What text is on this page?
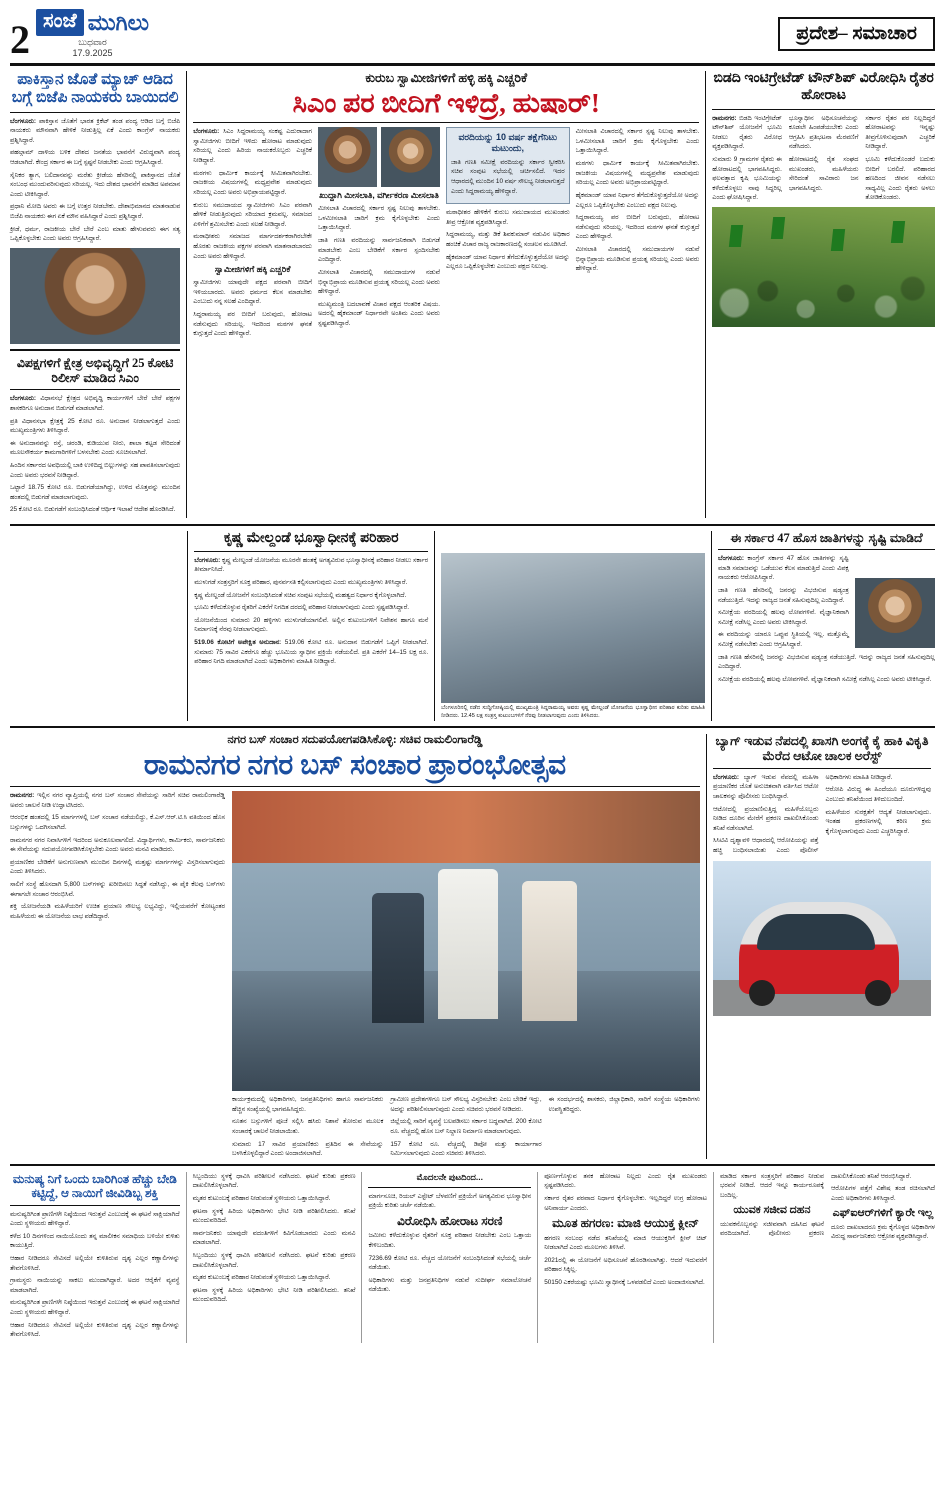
2 ಸಂಜೆ ಮುಗಿಲು
ಬುಧವಾರ
17.9.2025
ಪ್ರದೇಶ– ಸಮಾಚಾರ
ಪಾಕಿಸ್ತಾನ ಜೊತೆ ಮ್ಯಾಚ್ ಆಡಿದ ಬಗ್ಗೆ ಬಿಜೆಪಿ ನಾಯಕರು ಬಾಯಿದಲಿ

ಬೆಂಗಳೂರು: ಪಾಕಿಸ್ತಾನ ಜೊತೆಗೆ ಭಾರತ ಕ್ರಿಕೆಟ್ ತಂಡ ಪಂದ್ಯ ಆಡಿದ ಬಗ್ಗೆ ಬಿಜೆಪಿ ನಾಯಕರು ಮೌನವಾಗಿ ಹೇಳಿಕೆ ನೀಡುತ್ತಿಲ್ಲ ಏಕೆ ಎಂದು ಕಾಂಗ್ರೆಸ್ ನಾಯಕರು ಪ್ರಶ್ನಿಸಿದ್ದಾರೆ.

ಪಹಲ್ಗಾಮ್ ದಾಳಿಯ ಬಳಿಕ ದೇಶದ ಜನತೆಯ ಭಾವನೆಗೆ ವಿರುದ್ಧವಾಗಿ ಪಂದ್ಯ ಆಡಲಾಗಿದೆ. ಕೇಂದ್ರ ಸರ್ಕಾರ ಈ ಬಗ್ಗೆ ಸ್ಪಷ್ಟನೆ ನೀಡಬೇಕು ಎಂದು ಆಗ್ರಹಿಸಿದ್ದಾರೆ.

ಸೈನಿಕರ ತ್ಯಾಗ, ಬಲಿದಾನವನ್ನು ಮರೆತು ಕ್ರೀಡೆಯ ಹೆಸರಿನಲ್ಲಿ ಪಾಕಿಸ್ತಾನದ ಜೊತೆ ಸಂಬಂಧ ಮುಂದುವರಿಸುವುದು ಸರಿಯಲ್ಲ. ಇದು ದೇಶದ ಭಾವನೆಗೆ ಮಾಡಿದ ಅಪಮಾನ ಎಂದು ಟೀಕಿಸಿದ್ದಾರೆ.

ಪ್ರಧಾನಿ ಮೋದಿ ಅವರು ಈ ಬಗ್ಗೆ ಉತ್ತರ ನೀಡಬೇಕು. ದೇಶಾಭಿಮಾನದ ಮಾತನಾಡುವ ಬಿಜೆಪಿ ನಾಯಕರು ಈಗ ಏಕೆ ಮೌನ ವಹಿಸಿದ್ದಾರೆ ಎಂದು ಪ್ರಶ್ನಿಸಿದ್ದಾರೆ.

ಕ್ರೀಡೆ, ಧರ್ಮ, ರಾಜಕೀಯ ಬೇರೆ ಬೇರೆ ಎಂಬ ಮಾತು ಹೇಳುವವರು ಈಗ ಸತ್ಯ ಒಪ್ಪಿಕೊಳ್ಳಬೇಕು ಎಂದು ಅವರು ಆಗ್ರಹಿಸಿದ್ದಾರೆ.

ವಿಪಕ್ಷಗಳಿಗೆ ಕ್ಷೇತ್ರ ಅಭಿವೃದ್ಧಿಗೆ 25 ಕೋಟಿ ರಿಲೀಸ್ ಮಾಡಿದ ಸಿಎಂ

ಬೆಂಗಳೂರು: ವಿಧಾನಸಭೆ ಕ್ಷೇತ್ರದ ಅಭಿವೃದ್ಧಿ ಕಾರ್ಯಗಳಿಗೆ ಬೇರೆ ಬೇರೆ ಪಕ್ಷಗಳ ಶಾಸಕರಿಗೂ ಅನುದಾನ ಬಿಡುಗಡೆ ಮಾಡಲಾಗಿದೆ.

ಪ್ರತಿ ವಿಧಾನಸಭಾ ಕ್ಷೇತ್ರಕ್ಕೆ 25 ಕೋಟಿ ರೂ. ಅನುದಾನ ನೀಡಲಾಗುತ್ತದೆ ಎಂದು ಮುಖ್ಯಮಂತ್ರಿಗಳು ತಿಳಿಸಿದ್ದಾರೆ.

ಈ ಅನುದಾನವನ್ನು ರಸ್ತೆ, ಚರಂಡಿ, ಕುಡಿಯುವ ನೀರು, ಶಾಲಾ ಕಟ್ಟಡ ಸೇರಿದಂತೆ ಮೂಲಸೌಕರ್ಯ ಕಾಮಗಾರಿಗಳಿಗೆ ಬಳಸಬೇಕು ಎಂದು ಸೂಚಿಸಲಾಗಿದೆ.

ಹಿಂದಿನ ಸರ್ಕಾರದ ಅವಧಿಯಲ್ಲಿ ಬಾಕಿ ಉಳಿದಿದ್ದ ಬಿಲ್ಲುಗಳನ್ನು ಸಹ ಪಾವತಿಸಲಾಗುವುದು ಎಂದು ಅವರು ಭರವಸೆ ನೀಡಿದ್ದಾರೆ.

ಒಟ್ಟಾರೆ 18.75 ಕೋಟಿ ರೂ. ಬಿಡುಗಡೆಯಾಗಿದ್ದು, ಉಳಿದ ಮೊತ್ತವನ್ನು ಮುಂದಿನ ಹಂತದಲ್ಲಿ ಬಿಡುಗಡೆ ಮಾಡಲಾಗುವುದು.

25 ಕೋಟಿ ರೂ. ಬಿಡುಗಡೆಗೆ ಸಂಬಂಧಿಸಿದಂತೆ ಆರ್ಥಿಕ ಇಲಾಖೆ ಆದೇಶ ಹೊರಡಿಸಿದೆ.

ಕುರುಬ ಸ್ವಾಮೀಜಿಗಳಿಗೆ ಹಳ್ಳಿ ಹಕ್ಕಿ ಎಚ್ಚರಿಕೆ
ಸಿಎಂ ಪರ ಬೀದಿಗೆ ಇಳಿದ್ರೆ, ಹುಷಾರ್!

ಬೆಂಗಳೂರು: ಸಿಎಂ ಸಿದ್ದರಾಮಯ್ಯ ಸಂಕಷ್ಟ ಎದುರಾದಾಗ ಸ್ವಾಮೀಜಿಗಳು ಬೀದಿಗೆ ಇಳಿದು ಹೋರಾಟ ಮಾಡುವುದು ಸರಿಯಲ್ಲ ಎಂದು ಹಿರಿಯ ನಾಯಕರೊಬ್ಬರು ಎಚ್ಚರಿಕೆ ನೀಡಿದ್ದಾರೆ.

ಮಠಗಳು ಧಾರ್ಮಿಕ ಕಾರ್ಯಕ್ಕೆ ಸೀಮಿತವಾಗಿರಬೇಕು. ರಾಜಕೀಯ ವಿಷಯಗಳಲ್ಲಿ ಮಧ್ಯಪ್ರವೇಶ ಮಾಡುವುದು ಸರಿಯಲ್ಲ ಎಂದು ಅವರು ಅಭಿಪ್ರಾಯಪಟ್ಟಿದ್ದಾರೆ.

ಕುರುಬ ಸಮುದಾಯದ ಸ್ವಾಮೀಜಿಗಳು ಸಿಎಂ ಪರವಾಗಿ ಹೇಳಿಕೆ ನೀಡುತ್ತಿರುವುದು ಸರಿಯಾದ ಕ್ರಮವಲ್ಲ. ಸಮಾಜದ ಏಳಿಗೆಗೆ ಶ್ರಮಿಸಬೇಕು ಎಂದು ಸಲಹೆ ನೀಡಿದ್ದಾರೆ.

ಮಠಾಧೀಶರು ಸಮಾಜದ ಮಾರ್ಗದರ್ಶಕರಾಗಿರಬೇಕೇ ಹೊರತು ರಾಜಕೀಯ ಪಕ್ಷಗಳ ಪರವಾಗಿ ಮಾತನಾಡಬಾರದು ಎಂದು ಅವರು ಹೇಳಿದ್ದಾರೆ.

ಸ್ವಾಮೀಜಿಗಳಿಗೆ ಹಕ್ಕಿ ಎಚ್ಚರಿಕೆ

ಸ್ವಾಮೀಜಿಗಳು ಯಾವುದೇ ಪಕ್ಷದ ಪರವಾಗಿ ಬೀದಿಗೆ ಇಳಿಯಬಾರದು. ಅವರು ಧರ್ಮದ ಕೆಲಸ ಮಾಡಬೇಕು ಎಂಬುದು ನನ್ನ ಸಲಹೆ ಎಂದಿದ್ದಾರೆ.

ಸಿದ್ದರಾಮಯ್ಯ ಪರ ಬೀದಿಗೆ ಬರುವುದು, ಹೋರಾಟ ನಡೆಸುವುದು ಸರಿಯಲ್ಲ. ಇದರಿಂದ ಮಠಗಳ ಘನತೆ ಕುಗ್ಗುತ್ತದೆ ಎಂದು ಹೇಳಿದ್ದಾರೆ.

ಖುದ್ದಾಗಿ ಮೀಸಲಾತಿ, ವರ್ಗೀಕರಣ ಮೀಸಲಾತಿ

ಮೀಸಲಾತಿ ವಿಚಾರದಲ್ಲಿ ಸರ್ಕಾರ ಸ್ಪಷ್ಟ ನಿಲುವು ತಾಳಬೇಕು. ಒಳಮೀಸಲಾತಿ ಜಾರಿಗೆ ಕ್ರಮ ಕೈಗೊಳ್ಳಬೇಕು ಎಂದು ಒತ್ತಾಯಿಸಿದ್ದಾರೆ.

ಜಾತಿ ಗಣತಿ ವರದಿಯನ್ನು ಸಾರ್ವಜನಿಕವಾಗಿ ಬಿಡುಗಡೆ ಮಾಡಬೇಕು ಎಂಬ ಬೇಡಿಕೆಗೆ ಸರ್ಕಾರ ಸ್ಪಂದಿಸಬೇಕು ಎಂದಿದ್ದಾರೆ.

ಮೀಸಲಾತಿ ವಿಚಾರದಲ್ಲಿ ಸಮುದಾಯಗಳ ನಡುವೆ ಭಿನ್ನಾಭಿಪ್ರಾಯ ಮೂಡಿಸುವ ಪ್ರಯತ್ನ ಸರಿಯಲ್ಲ ಎಂದು ಅವರು ಹೇಳಿದ್ದಾರೆ.

ಮುಖ್ಯಮಂತ್ರಿ ಬದಲಾವಣೆ ವಿಚಾರ ಪಕ್ಷದ ಆಂತರಿಕ ವಿಷಯ. ಅದರಲ್ಲಿ ಹೈಕಮಾಂಡ್ ನಿರ್ಧಾರವೇ ಅಂತಿಮ ಎಂದು ಅವರು ಸ್ಪಷ್ಟಪಡಿಸಿದ್ದಾರೆ.

ವರದಿಯನ್ನು 10 ವರ್ಷ ತಕ್ಷೆಗೆನಿಟು ಮಟುಂದು,

ಜಾತಿ ಗಣತಿ ಸಮೀಕ್ಷೆ ವರದಿಯನ್ನು ಸರ್ಕಾರ ಸ್ವೀಕರಿಸಿ ಸಚಿವ ಸಂಪುಟ ಸಭೆಯಲ್ಲಿ ಚರ್ಚಿಸಲಿದೆ. ಇದರ ಆಧಾರದಲ್ಲಿ ಮುಂದಿನ 10 ವರ್ಷ ಸೌಲಭ್ಯ ನೀಡಲಾಗುತ್ತದೆ ಎಂದು ಸಿದ್ದರಾಮಯ್ಯ ಹೇಳಿದ್ದಾರೆ.

ಮಠಾಧೀಶರ ಹೇಳಿಕೆಗೆ ಕುರುಬ ಸಮುದಾಯದ ಮುಖಂಡರು ತೀವ್ರ ಆಕ್ರೋಶ ವ್ಯಕ್ತಪಡಿಸಿದ್ದಾರೆ.

ಸಿದ್ದರಾಮಯ್ಯ, ಮತ್ತು ಡಿಕೆ ಶಿವಕುಮಾರ್ ನಡುವಿನ ಅಧಿಕಾರ ಹಂಚಿಕೆ ವಿಚಾರ ರಾಜ್ಯ ರಾಜಕಾರಣದಲ್ಲಿ ಸಂಚಲನ ಮೂಡಿಸಿದೆ.

ಹೈಕಮಾಂಡ್ ಯಾವ ನಿರ್ಧಾರ ತೆಗೆದುಕೊಳ್ಳುತ್ತದೆಯೋ ಅದನ್ನು ಎಲ್ಲರೂ ಒಪ್ಪಿಕೊಳ್ಳಬೇಕು ಎಂಬುದು ಪಕ್ಷದ ನಿಲುವು.

ಮೀಸಲಾತಿ ವಿಚಾರದಲ್ಲಿ ಸರ್ಕಾರ ಸ್ಪಷ್ಟ ನಿಲುವು ತಾಳಬೇಕು. ಒಳಮೀಸಲಾತಿ ಜಾರಿಗೆ ಕ್ರಮ ಕೈಗೊಳ್ಳಬೇಕು ಎಂದು ಒತ್ತಾಯಿಸಿದ್ದಾರೆ.

ಮಠಗಳು ಧಾರ್ಮಿಕ ಕಾರ್ಯಕ್ಕೆ ಸೀಮಿತವಾಗಿರಬೇಕು. ರಾಜಕೀಯ ವಿಷಯಗಳಲ್ಲಿ ಮಧ್ಯಪ್ರವೇಶ ಮಾಡುವುದು ಸರಿಯಲ್ಲ ಎಂದು ಅವರು ಅಭಿಪ್ರಾಯಪಟ್ಟಿದ್ದಾರೆ.

ಹೈಕಮಾಂಡ್ ಯಾವ ನಿರ್ಧಾರ ತೆಗೆದುಕೊಳ್ಳುತ್ತದೆಯೋ ಅದನ್ನು ಎಲ್ಲರೂ ಒಪ್ಪಿಕೊಳ್ಳಬೇಕು ಎಂಬುದು ಪಕ್ಷದ ನಿಲುವು.

ಸಿದ್ದರಾಮಯ್ಯ ಪರ ಬೀದಿಗೆ ಬರುವುದು, ಹೋರಾಟ ನಡೆಸುವುದು ಸರಿಯಲ್ಲ. ಇದರಿಂದ ಮಠಗಳ ಘನತೆ ಕುಗ್ಗುತ್ತದೆ ಎಂದು ಹೇಳಿದ್ದಾರೆ.

ಮೀಸಲಾತಿ ವಿಚಾರದಲ್ಲಿ ಸಮುದಾಯಗಳ ನಡುವೆ ಭಿನ್ನಾಭಿಪ್ರಾಯ ಮೂಡಿಸುವ ಪ್ರಯತ್ನ ಸರಿಯಲ್ಲ ಎಂದು ಅವರು ಹೇಳಿದ್ದಾರೆ.

ಬಿಡದಿ ಇಂಟಿಗ್ರೇಟೆಡ್ ಟೌನ್‌ಶಿಪ್ ವಿರೋಧಿಸಿ ರೈತರ ಹೋರಾಟ

ರಾಮನಗರ: ಬಿಡದಿ ಇಂಟಿಗ್ರೇಟೆಡ್ ಟೌನ್‌ಶಿಪ್ ಯೋಜನೆಗೆ ಭೂಮಿ ನೀಡಲು ರೈತರು ವಿರೋಧ ವ್ಯಕ್ತಪಡಿಸಿದ್ದಾರೆ.

ಸುಮಾರು 9 ಗ್ರಾಮಗಳ ರೈತರು ಈ ಹೋರಾಟದಲ್ಲಿ ಭಾಗವಹಿಸಿದ್ದರು. ಫಲವತ್ತಾದ ಕೃಷಿ ಭೂಮಿಯನ್ನು ಕಳೆದುಕೊಳ್ಳಲು ನಾವು ಸಿದ್ಧರಿಲ್ಲ ಎಂದು ಘೋಷಿಸಿದ್ದಾರೆ.

ಭೂಸ್ವಾಧೀನ ಅಧಿಸೂಚನೆಯನ್ನು ಕೂಡಲೇ ಹಿಂಪಡೆಯಬೇಕು ಎಂದು ಆಗ್ರಹಿಸಿ ಪ್ರತಿಭಟನಾ ಮೆರವಣಿಗೆ ನಡೆಸಿದರು.

ಹೋರಾಟದಲ್ಲಿ ರೈತ ಸಂಘದ ಮುಖಂಡರು, ಮಹಿಳೆಯರು ಸೇರಿದಂತೆ ಸಾವಿರಾರು ಜನ ಭಾಗವಹಿಸಿದ್ದರು.

ಸರ್ಕಾರ ರೈತರ ಪರ ನಿಲ್ಲದಿದ್ದರೆ ಹೋರಾಟವನ್ನು ಇನ್ನಷ್ಟು ತೀವ್ರಗೊಳಿಸುವುದಾಗಿ ಎಚ್ಚರಿಕೆ ನೀಡಿದ್ದಾರೆ.

ಭೂಮಿ ಕಳೆದುಕೊಂಡರೆ ಬದುಕು ಬೀದಿಗೆ ಬರಲಿದೆ. ಪರಿಹಾರದ ಹಣದಿಂದ ಜೀವನ ನಡೆಸಲು ಸಾಧ್ಯವಿಲ್ಲ ಎಂದು ರೈತರು ಅಳಲು ತೋಡಿಕೊಂಡರು.

ಕೃಷ್ಣ ಮೇಲ್ದಂಡೆ ಭೂಸ್ವಾಧೀನಕ್ಕೆ ಪರಿಹಾರ

ಬೆಂಗಳೂರು: ಕೃಷ್ಣ ಮೇಲ್ದಂಡೆ ಯೋಜನೆಯ ಮೂರನೇ ಹಂತಕ್ಕೆ ಅಗತ್ಯವಿರುವ ಭೂಸ್ವಾಧೀನಕ್ಕೆ ಪರಿಹಾರ ನೀಡಲು ಸರ್ಕಾರ ತೀರ್ಮಾನಿಸಿದೆ.

ಮುಳುಗಡೆ ಸಂತ್ರಸ್ತರಿಗೆ ಸೂಕ್ತ ಪರಿಹಾರ, ಪುನರ್ವಸತಿ ಕಲ್ಪಿಸಲಾಗುವುದು ಎಂದು ಮುಖ್ಯಮಂತ್ರಿಗಳು ತಿಳಿಸಿದ್ದಾರೆ.

ಕೃಷ್ಣ ಮೇಲ್ದಂಡೆ ಯೋಜನೆಗೆ ಸಂಬಂಧಿಸಿದಂತೆ ಸಚಿವ ಸಂಪುಟ ಸಭೆಯಲ್ಲಿ ಮಹತ್ವದ ನಿರ್ಧಾರ ಕೈಗೊಳ್ಳಲಾಗಿದೆ.

ಭೂಮಿ ಕಳೆದುಕೊಳ್ಳುವ ರೈತರಿಗೆ ಎಕರೆಗೆ ನಿಗದಿತ ದರದಲ್ಲಿ ಪರಿಹಾರ ನೀಡಲಾಗುವುದು ಎಂದು ಸ್ಪಷ್ಟಪಡಿಸಿದ್ದಾರೆ.

ಯೋಜನೆಯಿಂದ ಸುಮಾರು 20 ಹಳ್ಳಿಗಳು ಮುಳುಗಡೆಯಾಗಲಿವೆ. ಅಲ್ಲಿನ ಕುಟುಂಬಗಳಿಗೆ ನಿವೇಶನ ಹಾಗೂ ಮನೆ ನಿರ್ಮಾಣಕ್ಕೆ ನೆರವು ನೀಡಲಾಗುವುದು.

519.06 ಕೋಟಿಗೆ ಅಪೇಕ್ಷಿತ ಅನುದಾನ: 519.06 ಕೋಟಿ ರೂ. ಅನುದಾನ ಬಿಡುಗಡೆಗೆ ಒಪ್ಪಿಗೆ ನೀಡಲಾಗಿದೆ. ಸುಮಾರು 75 ಸಾವಿರ ಎಕರೆಗೂ ಹೆಚ್ಚು ಭೂಮಿಯ ಸ್ವಾಧೀನ ಪ್ರಕ್ರಿಯೆ ನಡೆಯಲಿದೆ. ಪ್ರತಿ ಎಕರೆಗೆ 14–15 ಲಕ್ಷ ರೂ. ಪರಿಹಾರ ನಿಗದಿ ಮಾಡಲಾಗಿದೆ ಎಂದು ಅಧಿಕಾರಿಗಳು ಮಾಹಿತಿ ನೀಡಿದ್ದಾರೆ.

ಬೆಂಗಳೂರಿನಲ್ಲಿ ನಡೆದ ಸುದ್ದಿಗೋಷ್ಠಿಯಲ್ಲಿ ಮುಖ್ಯಮಂತ್ರಿ ಸಿದ್ದರಾಮಯ್ಯ ಅವರು ಕೃಷ್ಣ ಮೇಲ್ದಂಡೆ ಯೋಜನೆಯ ಭೂಸ್ವಾಧೀನ ಪರಿಹಾರ ಕುರಿತು ಮಾಹಿತಿ ನೀಡಿದರು. 12.45 ಲಕ್ಷ ಸಂತ್ರಸ್ತ ಕುಟುಂಬಗಳಿಗೆ ನೆರವು ನೀಡಲಾಗುವುದು ಎಂದು ತಿಳಿಸಿದರು.
ಈ ಸರ್ಕಾರ 47 ಹೊಸ ಜಾತಿಗಳನ್ನು ಸೃಷ್ಟಿ ಮಾಡಿದೆ

ಬೆಂಗಳೂರು: ಕಾಂಗ್ರೆಸ್ ಸರ್ಕಾರ 47 ಹೊಸ ಜಾತಿಗಳನ್ನು ಸೃಷ್ಟಿ ಮಾಡಿ ಸಮಾಜವನ್ನು ಒಡೆಯುವ ಕೆಲಸ ಮಾಡುತ್ತಿದೆ ಎಂದು ವಿಪಕ್ಷ ನಾಯಕರು ಆರೋಪಿಸಿದ್ದಾರೆ.

ಜಾತಿ ಗಣತಿ ಹೆಸರಿನಲ್ಲಿ ಜನರನ್ನು ವಿಭಜಿಸುವ ಷಡ್ಯಂತ್ರ ನಡೆಯುತ್ತಿದೆ. ಇದನ್ನು ರಾಜ್ಯದ ಜನತೆ ಸಹಿಸುವುದಿಲ್ಲ ಎಂದಿದ್ದಾರೆ.

ಸಮೀಕ್ಷೆಯ ವರದಿಯಲ್ಲಿ ಹಲವು ಲೋಪಗಳಿವೆ. ವೈಜ್ಞಾನಿಕವಾಗಿ ಸಮೀಕ್ಷೆ ನಡೆಸಿಲ್ಲ ಎಂದು ಅವರು ಟೀಕಿಸಿದ್ದಾರೆ.

ಈ ವರದಿಯನ್ನು ಯಾರೂ ಒಪ್ಪುವ ಸ್ಥಿತಿಯಲ್ಲಿ ಇಲ್ಲ. ಮತ್ತೊಮ್ಮೆ ಸಮೀಕ್ಷೆ ನಡೆಸಬೇಕು ಎಂದು ಆಗ್ರಹಿಸಿದ್ದಾರೆ.

ಜಾತಿ ಗಣತಿ ಹೆಸರಿನಲ್ಲಿ ಜನರನ್ನು ವಿಭಜಿಸುವ ಷಡ್ಯಂತ್ರ ನಡೆಯುತ್ತಿದೆ. ಇದನ್ನು ರಾಜ್ಯದ ಜನತೆ ಸಹಿಸುವುದಿಲ್ಲ ಎಂದಿದ್ದಾರೆ.

ಸಮೀಕ್ಷೆಯ ವರದಿಯಲ್ಲಿ ಹಲವು ಲೋಪಗಳಿವೆ. ವೈಜ್ಞಾನಿಕವಾಗಿ ಸಮೀಕ್ಷೆ ನಡೆಸಿಲ್ಲ ಎಂದು ಅವರು ಟೀಕಿಸಿದ್ದಾರೆ.

ನಗರ ಬಸ್ ಸಂಚಾರ ಸದುಪಯೋಗಪಡಿಸಿಕೊಳ್ಳಿ: ಸಚಿವ ರಾಮಲಿಂಗಾರೆಡ್ಡಿ
ರಾಮನಗರ ನಗರ ಬಸ್ ಸಂಚಾರ ಪ್ರಾರಂಭೋತ್ಸವ

ರಾಮನಗರ: ಇಲ್ಲಿನ ನಗರ ವ್ಯಾಪ್ತಿಯಲ್ಲಿ ನಗರ ಬಸ್ ಸಂಚಾರ ಸೇವೆಯನ್ನು ಸಾರಿಗೆ ಸಚಿವ ರಾಮಲಿಂಗಾರೆಡ್ಡಿ ಅವರು ಚಾಲನೆ ನೀಡಿ ಉದ್ಘಾಟಿಸಿದರು.

ಆರಂಭಿಕ ಹಂತದಲ್ಲಿ 15 ಮಾರ್ಗಗಳಲ್ಲಿ ಬಸ್ ಸಂಚಾರ ನಡೆಯಲಿದ್ದು, ಕೆ.ಎಸ್.ಆರ್.ಟಿ.ಸಿ ವತಿಯಿಂದ ಹೊಸ ಬಸ್ಸುಗಳನ್ನು ಒದಗಿಸಲಾಗಿದೆ.

ರಾಮನಗರ ನಗರ ನಿವಾಸಿಗಳಿಗೆ ಇದರಿಂದ ಅನುಕೂಲವಾಗಲಿದೆ. ವಿದ್ಯಾರ್ಥಿಗಳು, ಕಾರ್ಮಿಕರು, ಸಾರ್ವಜನಿಕರು ಈ ಸೇವೆಯನ್ನು ಸದುಪಯೋಗಪಡಿಸಿಕೊಳ್ಳಬೇಕು ಎಂದು ಅವರು ಮನವಿ ಮಾಡಿದರು.

ಪ್ರಯಾಣಿಕರ ಬೇಡಿಕೆಗೆ ಅನುಗುಣವಾಗಿ ಮುಂದಿನ ದಿನಗಳಲ್ಲಿ ಮತ್ತಷ್ಟು ಮಾರ್ಗಗಳನ್ನು ವಿಸ್ತರಿಸಲಾಗುವುದು ಎಂದು ತಿಳಿಸಿದರು.

ಸಾಲಿಗೆ ಸಂಸ್ಥೆ ಹೊಸದಾಗಿ 5,800 ಬಸ್‌ಗಳನ್ನು ಖರೀದಿಸಲು ಸಿದ್ಧತೆ ನಡೆಸಿದ್ದು, ಈ ಪೈಕಿ ಕೆಲವು ಬಸ್‌ಗಳು ಈಗಾಗಲೇ ಸಂಚಾರ ಆರಂಭಿಸಿವೆ.

ಶಕ್ತಿ ಯೋಜನೆಯಡಿ ಮಹಿಳೆಯರಿಗೆ ಉಚಿತ ಪ್ರಯಾಣ ಸೌಲಭ್ಯ ಲಭ್ಯವಿದ್ದು, ಇಲ್ಲಿಯವರೆಗೆ ಕೋಟ್ಯಂತರ ಮಹಿಳೆಯರು ಈ ಯೋಜನೆಯ ಲಾಭ ಪಡೆದಿದ್ದಾರೆ.

ಕಾರ್ಯಕ್ರಮದಲ್ಲಿ ಅಧಿಕಾರಿಗಳು, ಜನಪ್ರತಿನಿಧಿಗಳು ಹಾಗೂ ಸಾರ್ವಜನಿಕರು ಹೆಚ್ಚಿನ ಸಂಖ್ಯೆಯಲ್ಲಿ ಭಾಗವಹಿಸಿದ್ದರು.

ನೂತನ ಬಸ್ಸುಗಳಿಗೆ ಪೂಜೆ ಸಲ್ಲಿಸಿ ಹಸಿರು ನಿಶಾನೆ ತೋರುವ ಮೂಲಕ ಸಂಚಾರಕ್ಕೆ ಚಾಲನೆ ನೀಡಲಾಯಿತು.

ಸುಮಾರು 17 ಸಾವಿರ ಪ್ರಯಾಣಿಕರು ಪ್ರತಿದಿನ ಈ ಸೇವೆಯನ್ನು ಬಳಸಿಕೊಳ್ಳಲಿದ್ದಾರೆ ಎಂದು ಅಂದಾಜಿಸಲಾಗಿದೆ.

ಗ್ರಾಮೀಣ ಪ್ರದೇಶಗಳಿಗೂ ಬಸ್ ಸೌಲಭ್ಯ ವಿಸ್ತರಿಸಬೇಕು ಎಂಬ ಬೇಡಿಕೆ ಇದ್ದು, ಅದನ್ನು ಪರಿಶೀಲಿಸಲಾಗುವುದು ಎಂದು ಸಚಿವರು ಭರವಸೆ ನೀಡಿದರು.

ಜಿಲ್ಲೆಯಲ್ಲಿ ಸಾರಿಗೆ ವ್ಯವಸ್ಥೆ ಬಲಪಡಿಸಲು ಸರ್ಕಾರ ಬದ್ಧವಾಗಿದೆ. 200 ಕೋಟಿ ರೂ. ವೆಚ್ಚದಲ್ಲಿ ಹೊಸ ಬಸ್ ನಿಲ್ದಾಣ ನಿರ್ಮಾಣ ಮಾಡಲಾಗುವುದು.

157 ಕೋಟಿ ರೂ. ವೆಚ್ಚದಲ್ಲಿ ಡಿಪೋ ಮತ್ತು ಕಾರ್ಯಾಗಾರ ನಿರ್ಮಿಸಲಾಗುವುದು ಎಂದು ಸಚಿವರು ತಿಳಿಸಿದರು.

ಈ ಸಂದರ್ಭದಲ್ಲಿ ಶಾಸಕರು, ಜಿಲ್ಲಾಧಿಕಾರಿ, ಸಾರಿಗೆ ಸಂಸ್ಥೆಯ ಅಧಿಕಾರಿಗಳು ಉಪಸ್ಥಿತರಿದ್ದರು.

ಬ್ಯಾಗ್ ಇಡುವ ನೆಪದಲ್ಲಿ ಖಾಸಗಿ ಅಂಗಕ್ಕೆ ಕೈ ಹಾಕಿ ವಿಕೃತಿ ಮೆರೆದ ಆಟೋ ಚಾಲಕ ಅರೆಸ್ಟ್

ಬೆಂಗಳೂರು: ಬ್ಯಾಗ್ ಇಡುವ ನೆಪದಲ್ಲಿ ಮಹಿಳಾ ಪ್ರಯಾಣಿಕರ ಜೊತೆ ಅನುಚಿತವಾಗಿ ವರ್ತಿಸಿದ ಆಟೋ ಚಾಲಕನನ್ನು ಪೊಲೀಸರು ಬಂಧಿಸಿದ್ದಾರೆ.

ಆಟೋದಲ್ಲಿ ಪ್ರಯಾಣಿಸುತ್ತಿದ್ದ ಮಹಿಳೆಯೊಬ್ಬರು ನೀಡಿದ ದೂರಿನ ಮೇರೆಗೆ ಪ್ರಕರಣ ದಾಖಲಿಸಿಕೊಂಡು ತನಿಖೆ ನಡೆಸಲಾಗಿದೆ.

ಸಿಸಿಟಿವಿ ದೃಶ್ಯಾವಳಿ ಆಧಾರದಲ್ಲಿ ಆರೋಪಿಯನ್ನು ಪತ್ತೆ ಹಚ್ಚಿ ಬಂಧಿಸಲಾಯಿತು ಎಂದು ಪೊಲೀಸ್ ಅಧಿಕಾರಿಗಳು ಮಾಹಿತಿ ನೀಡಿದ್ದಾರೆ.

ಆರೋಪಿ ವಿರುದ್ಧ ಈ ಹಿಂದೆಯೂ ದೂರುಗಳಿದ್ದವು ಎಂಬುದು ತನಿಖೆಯಿಂದ ತಿಳಿದುಬಂದಿದೆ.

ಮಹಿಳೆಯರ ಸುರಕ್ಷತೆಗೆ ಆದ್ಯತೆ ನೀಡಲಾಗುವುದು. ಇಂತಹ ಪ್ರಕರಣಗಳಲ್ಲಿ ಕಠಿಣ ಕ್ರಮ ಕೈಗೊಳ್ಳಲಾಗುವುದು ಎಂದು ಎಚ್ಚರಿಸಿದ್ದಾರೆ.

ಮನುಷ್ಯ ನಿಗೆ ಒಂದು ಬಾರಿಗಿಂತ ಹೆಚ್ಚು ಬೇಡಿ ಕಟ್ಟಿದ್ದೆ, ಆ ನಾಯಿಗೆ ಜೀವಿಡಿಬ್ಬ ಶಕ್ತಿ

ಮನುಷ್ಯರಿಗಿಂತ ಪ್ರಾಣಿಗಳೇ ನಿಷ್ಠೆಯಿಂದ ಇರುತ್ತವೆ ಎಂಬುದಕ್ಕೆ ಈ ಘಟನೆ ಸಾಕ್ಷಿಯಾಗಿದೆ ಎಂದು ಸ್ಥಳೀಯರು ಹೇಳಿದ್ದಾರೆ.

ಕಳೆದ 10 ದಿನಗಳಿಂದ ನಾಯಿಯೊಂದು ತನ್ನ ಮಾಲೀಕನ ಸಮಾಧಿಯ ಬಳಿಯೇ ಕುಳಿತು ಕಾಯುತ್ತಿದೆ.

ಆಹಾರ ನೀಡಿದರೂ ಸೇವಿಸದೆ ಅಲ್ಲಿಯೇ ಕುಳಿತಿರುವ ದೃಶ್ಯ ಎಲ್ಲರ ಕಣ್ಣಾಲಿಗಳನ್ನು ತೇವಗೊಳಿಸಿದೆ.

ಗ್ರಾಮಸ್ಥರು ನಾಯಿಯನ್ನು ಸಾಕಲು ಮುಂದಾಗಿದ್ದಾರೆ. ಅದರ ಆರೈಕೆಗೆ ವ್ಯವಸ್ಥೆ ಮಾಡಲಾಗಿದೆ.

ಮನುಷ್ಯರಿಗಿಂತ ಪ್ರಾಣಿಗಳೇ ನಿಷ್ಠೆಯಿಂದ ಇರುತ್ತವೆ ಎಂಬುದಕ್ಕೆ ಈ ಘಟನೆ ಸಾಕ್ಷಿಯಾಗಿದೆ ಎಂದು ಸ್ಥಳೀಯರು ಹೇಳಿದ್ದಾರೆ.

ಆಹಾರ ನೀಡಿದರೂ ಸೇವಿಸದೆ ಅಲ್ಲಿಯೇ ಕುಳಿತಿರುವ ದೃಶ್ಯ ಎಲ್ಲರ ಕಣ್ಣಾಲಿಗಳನ್ನು ತೇವಗೊಳಿಸಿದೆ.

ಸಿಬ್ಬಂದಿಯು ಸ್ಥಳಕ್ಕೆ ಧಾವಿಸಿ ಪರಿಶೀಲನೆ ನಡೆಸಿದರು. ಘಟನೆ ಕುರಿತು ಪ್ರಕರಣ ದಾಖಲಿಸಿಕೊಳ್ಳಲಾಗಿದೆ.

ಮೃತರ ಕುಟುಂಬಕ್ಕೆ ಪರಿಹಾರ ನೀಡುವಂತೆ ಸ್ಥಳೀಯರು ಒತ್ತಾಯಿಸಿದ್ದಾರೆ.

ಘಟನಾ ಸ್ಥಳಕ್ಕೆ ಹಿರಿಯ ಅಧಿಕಾರಿಗಳು ಭೇಟಿ ನೀಡಿ ಪರಿಶೀಲಿಸಿದರು. ತನಿಖೆ ಮುಂದುವರಿದಿದೆ.

ಸಾರ್ವಜನಿಕರು ಯಾವುದೇ ವದಂತಿಗಳಿಗೆ ಕಿವಿಗೊಡಬಾರದು ಎಂದು ಮನವಿ ಮಾಡಲಾಗಿದೆ.

ಸಿಬ್ಬಂದಿಯು ಸ್ಥಳಕ್ಕೆ ಧಾವಿಸಿ ಪರಿಶೀಲನೆ ನಡೆಸಿದರು. ಘಟನೆ ಕುರಿತು ಪ್ರಕರಣ ದಾಖಲಿಸಿಕೊಳ್ಳಲಾಗಿದೆ.

ಮೃತರ ಕುಟುಂಬಕ್ಕೆ ಪರಿಹಾರ ನೀಡುವಂತೆ ಸ್ಥಳೀಯರು ಒತ್ತಾಯಿಸಿದ್ದಾರೆ.

ಘಟನಾ ಸ್ಥಳಕ್ಕೆ ಹಿರಿಯ ಅಧಿಕಾರಿಗಳು ಭೇಟಿ ನೀಡಿ ಪರಿಶೀಲಿಸಿದರು. ತನಿಖೆ ಮುಂದುವರಿದಿದೆ.

ಮೊದಲನೇ ಪುಟದಿಂದ...

ಮಾರ್ಗಸೂಚಿ, ರಿಯಲ್ ಎಸ್ಟೇಟ್ ಬೆಳವಣಿಗೆ ಪ್ರಕ್ರಿಯೆಗೆ ಅಗತ್ಯವಿರುವ ಭೂಸ್ವಾಧೀನ ಪ್ರಕ್ರಿಯೆ ಕುರಿತು ಚರ್ಚೆ ನಡೆಯಿತು.

ವಿರೋಧಿಸಿ ಹೋರಾಟ ಸರಣಿ

ಜಮೀನು ಕಳೆದುಕೊಳ್ಳುವ ರೈತರಿಗೆ ಸೂಕ್ತ ಪರಿಹಾರ ನೀಡಬೇಕು ಎಂಬ ಒತ್ತಾಯ ಕೇಳಿಬಂದಿತು.

7236.69 ಕೋಟಿ ರೂ. ವೆಚ್ಚದ ಯೋಜನೆಗೆ ಸಂಬಂಧಿಸಿದಂತೆ ಸಭೆಯಲ್ಲಿ ಚರ್ಚೆ ನಡೆಯಿತು.

ಅಧಿಕಾರಿಗಳು ಮತ್ತು ಜನಪ್ರತಿನಿಧಿಗಳ ನಡುವೆ ಸುದೀರ್ಘ ಸಮಾಲೋಚನೆ ನಡೆಯಿತು.

ಪೂರ್ಣಗೊಳ್ಳುವ ತನಕ ಹೋರಾಟ ನಿಲ್ಲದು ಎಂದು ರೈತ ಮುಖಂಡರು ಸ್ಪಷ್ಟಪಡಿಸಿದರು.

ಸರ್ಕಾರ ರೈತರ ಪರವಾದ ನಿರ್ಧಾರ ಕೈಗೊಳ್ಳಬೇಕು. ಇಲ್ಲದಿದ್ದರೆ ಉಗ್ರ ಹೋರಾಟ ಅನಿವಾರ್ಯ ಎಂದರು.

ಮೂತ ಹಗರಣ: ಮಾಜಿ ಆಯುಕ್ತ ಕ್ಲೀನ್

ಹಗರಣ ಸಂಬಂಧ ನಡೆದ ತನಿಖೆಯಲ್ಲಿ ಮಾಜಿ ಆಯುಕ್ತರಿಗೆ ಕ್ಲೀನ್ ಚಿಟ್ ನೀಡಲಾಗಿದೆ ಎಂದು ಮೂಲಗಳು ತಿಳಿಸಿವೆ.

2021ರಲ್ಲಿ ಈ ಯೋಜನೆಗೆ ಅಧಿಸೂಚನೆ ಹೊರಡಿಸಲಾಗಿತ್ತು. ಆದರೆ ಇದುವರೆಗೆ ಪರಿಹಾರ ಸಿಕ್ಕಿಲ್ಲ.

50150 ಎಕರೆಯಷ್ಟು ಭೂಮಿ ಸ್ವಾಧೀನಕ್ಕೆ ಒಳಪಡಲಿದೆ ಎಂದು ಅಂದಾಜಿಸಲಾಗಿದೆ.

ಮಾಡಿದ ಸರ್ಕಾರ ಸಂತ್ರಸ್ತರಿಗೆ ಪರಿಹಾರ ನೀಡುವ ಭರವಸೆ ನೀಡಿದೆ. ಆದರೆ ಇನ್ನೂ ಕಾರ್ಯರೂಪಕ್ಕೆ ಬಂದಿಲ್ಲ.

ಯುವಕ ಸಜೀವ ದಹನ

ಯುವಕನೊಬ್ಬನನ್ನು ಸಜೀವವಾಗಿ ದಹಿಸಿದ ಘಟನೆ ವರದಿಯಾಗಿದೆ. ಪೊಲೀಸರು ಪ್ರಕರಣ ದಾಖಲಿಸಿಕೊಂಡು ತನಿಖೆ ಆರಂಭಿಸಿದ್ದಾರೆ.

ಆರೋಪಿಗಳ ಪತ್ತೆಗೆ ವಿಶೇಷ ತಂಡ ರಚಿಸಲಾಗಿದೆ ಎಂದು ಅಧಿಕಾರಿಗಳು ತಿಳಿಸಿದ್ದಾರೆ.

ಎಫ್‌ಐಆರ್‌ಗಳಿಗೆ ಕ್ಯಾರೇ ಇಲ್ಲ

ದೂರು ದಾಖಲಾದರೂ ಕ್ರಮ ಕೈಗೊಳ್ಳದ ಅಧಿಕಾರಿಗಳ ವಿರುದ್ಧ ಸಾರ್ವಜನಿಕರು ಆಕ್ರೋಶ ವ್ಯಕ್ತಪಡಿಸಿದ್ದಾರೆ.
